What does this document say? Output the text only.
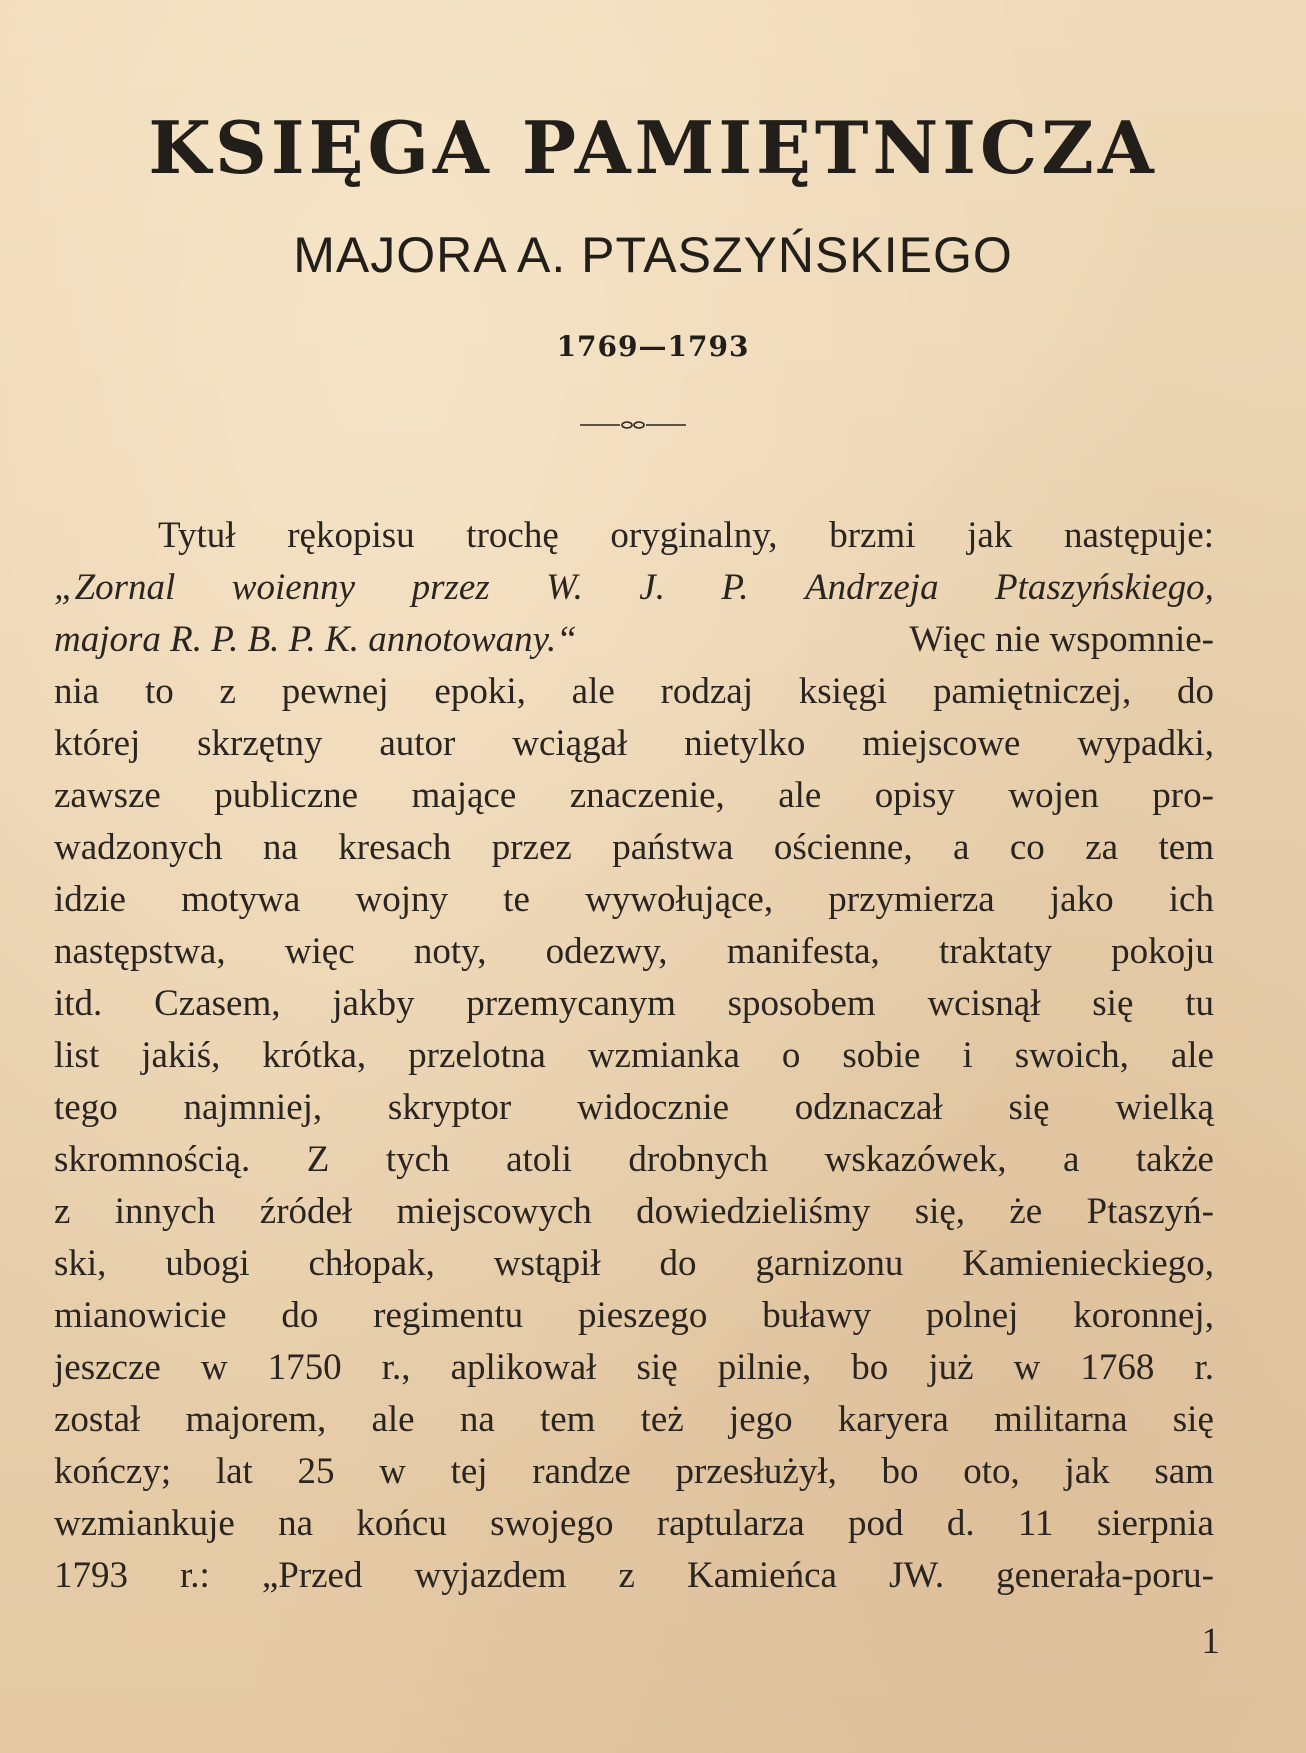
KSIĘGA PAMIĘTNICZA
MAJORA A. PTASZYŃSKIEGO
1769—1793
Tytuł rękopisu trochę oryginalny, brzmi jak następuje:
„Zornal woienny przez W. J. P. Andrzeja Ptaszyńskiego,
majora R. P. B. P. K. annotowany.“	Więc nie wspomnie-
nia to z pewnej epoki, ale rodzaj księgi pamiętniczej, do
której skrzętny autor wciągał nietylko miejscowe wypadki,
zawsze publiczne mające znaczenie, ale opisy wojen pro-
wadzonych na kresach przez państwa ościenne, a co za tem
idzie motywa wojny te wywołujące, przymierza jako ich
następstwa, więc noty, odezwy, manifesta, traktaty pokoju
itd. Czasem, jakby przemycanym sposobem wcisnął się tu
list jakiś, krótka, przelotna wzmianka o sobie i swoich, ale
tego najmniej, skryptor widocznie odznaczał się wielką
skromnością. Z tych atoli drobnych wskazówek, a także
z innych źródeł miejscowych dowiedzieliśmy się, że Ptaszyń-
ski, ubogi chłopak, wstąpił do garnizonu Kamienieckiego,
mianowicie do regimentu pieszego buławy polnej koronnej,
jeszcze w 1750 r., aplikował się pilnie, bo już w 1768 r.
został majorem, ale na tem też jego karyera militarna się
kończy; lat 25 w tej randze przesłużył, bo oto, jak sam
wzmiankuje na końcu swojego raptularza pod d. 11 sierpnia
1793 r.: „Przed wyjazdem z Kamieńca JW. generała-poru-
1
